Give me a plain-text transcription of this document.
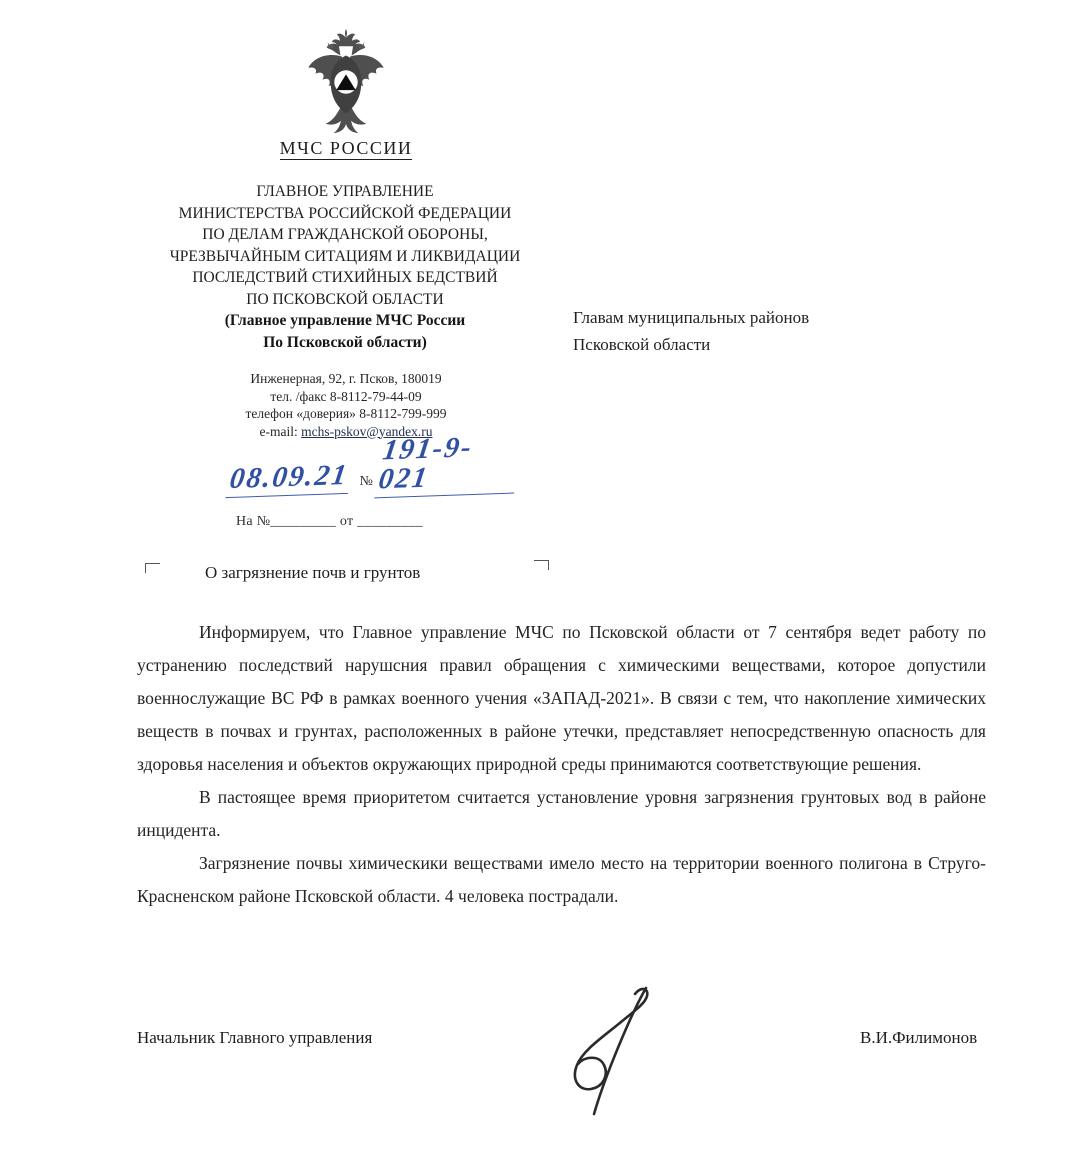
МЧС РОССИИ
ГЛАВНОЕ УПРАВЛЕНИЕ
МИНИСТЕРСТВА РОССИЙСКОЙ ФЕДЕРАЦИИ
ПО ДЕЛАМ ГРАЖДАНСКОЙ ОБОРОНЫ,
ЧРЕЗВЫЧАЙНЫМ СИТАЦИЯМ И ЛИКВИДАЦИИ
ПОСЛЕДСТВИЙ СТИХИЙНЫХ БЕДСТВИЙ
ПО ПСКОВСКОЙ ОБЛАСТИ
(Главное управление МЧС России
По Псковской области)
Инженерная, 92, г. Псков, 180019
тел. /факс 8-8112-79-44-09
телефон «доверия» 8-8112-799-999
e-mail: mchs-pskov@yandex.ru
08.09.21 №
191-9-021
На №_________ от _________
Главам муниципальных районов
Псковской области
О загрязнение почв и грунтов

Информируем, что Главное управление МЧС по Псковской области от 7 сентября ведет работу по устранению последствий нарушсния правил обращения с химическими веществами, которое допустили военнослужащие ВС РФ в рамках военного учения «ЗАПАД-2021». В связи с тем, что накопление химических веществ в почвах и грунтах, расположенных в районе утечки, представляет непосредственную опасность для здоровья населения и объектов окружающих природной среды принимаются соответствующие решения.

В пастоящее время приоритетом считается установление уровня загрязнения грунтовых вод в районе инцидента.

Загрязнение почвы химическики веществами имело место на территории военного полигона в Струго-Красненском районе Псковской области. 4 человека пострадали.

Начальник Главного управления	В.И.Филимонов
